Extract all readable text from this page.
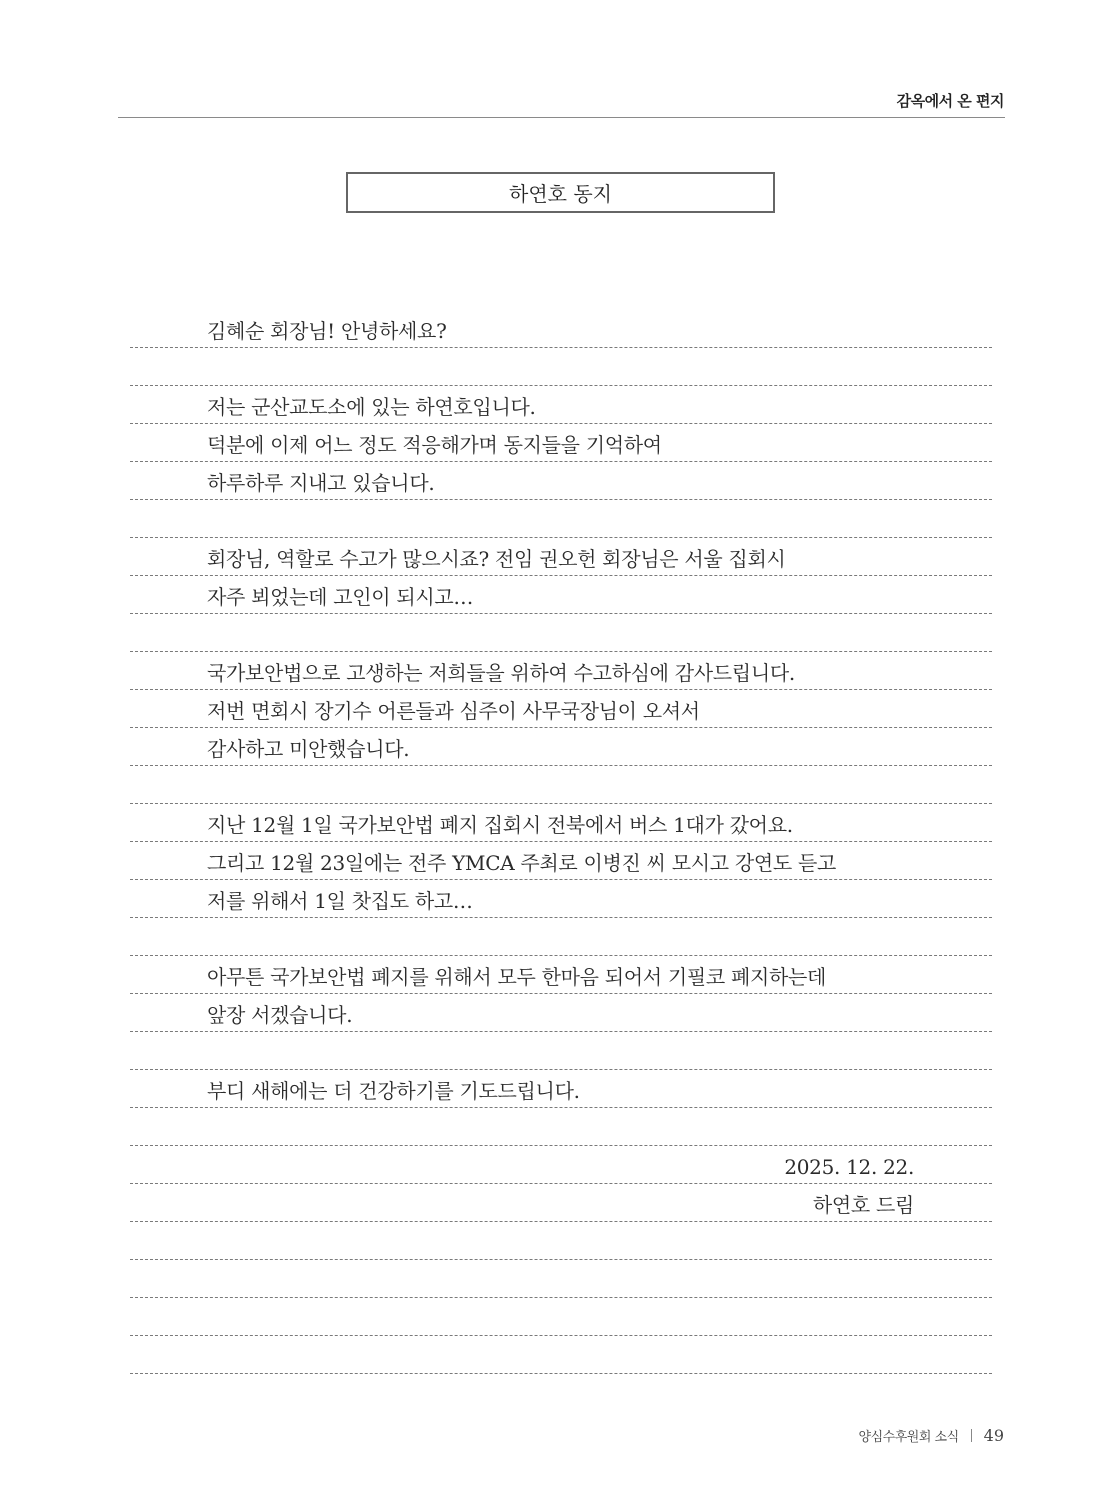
감옥에서 온 편지
하연호 동지
김혜순 회장님! 안녕하세요?
저는 군산교도소에 있는 하연호입니다.
덕분에 이제 어느 정도 적응해가며 동지들을 기억하여
하루하루 지내고 있습니다.
회장님, 역할로 수고가 많으시죠? 전임 권오헌 회장님은 서울 집회시
자주 뵈었는데 고인이 되시고…
국가보안법으로 고생하는 저희들을 위하여 수고하심에 감사드립니다.
저번 면회시 장기수 어른들과 심주이 사무국장님이 오셔서
감사하고 미안했습니다.
지난 12월 1일 국가보안법 폐지 집회시 전북에서 버스 1대가 갔어요.
그리고 12월 23일에는 전주 YMCA 주최로 이병진 씨 모시고 강연도 듣고
저를 위해서 1일 찻집도 하고…
아무튼 국가보안법 폐지를 위해서 모두 한마음 되어서 기필코 폐지하는데
앞장 서겠습니다.
부디 새해에는 더 건강하기를 기도드립니다.
2025. 12. 22.
하연호 드림
양심수후원회 소식 49
